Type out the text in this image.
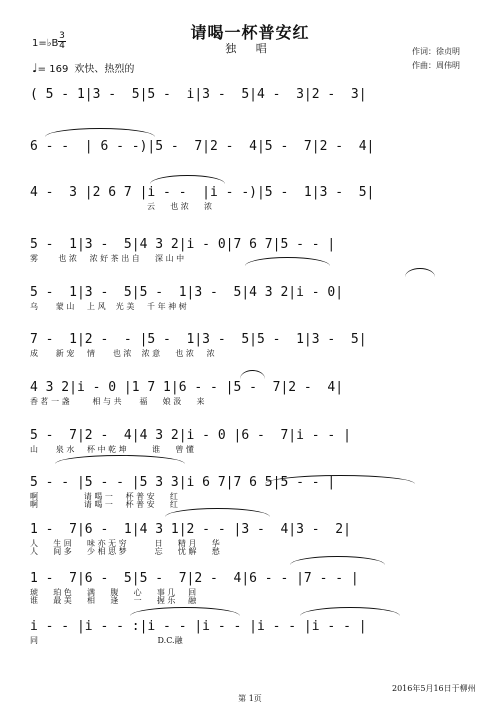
请喝一杯普安红
独 唱	作词：徐贞明
作曲：周伟明
1=♭B
3
4
♩= 169 欢快、热烈的
( 5 - 1|3 -  5|5 -  i|3 -  5|4 -  3|2 -  3|
6 - -  | 6 - -)|5 -  7|2 -  4|5 -  7|2 -  4|
4 -  3 |2 6 7 |i - -  |i - -)|5 -  1|3 -  5|
云      也 浓      浓
5 -  1|3 -  5|4 3 2|i - 0|7 6 7|5 - - |
雾        也 浓     浓 好 茶 出 自      深 山 中
5 -  1|3 -  5|5 -  1|3 -  5|4 3 2|i - 0|
乌       蒙 山     上 风    光 美     千 年 神 树
7 -  1|2 -  - |5 -  1|3 -  5|5 -  1|3 -  5|
成       新 宠     情       也 浓    浓 意      也 浓     浓
4 3 2|i - 0 |1 7 1|6 - - |5 -  7|2 -  4|
香 茗 一 盏         相 与 共       福      娘 汲      来
5 -  7|2 -  4|4 3 2|i - 0 |6 -  7|i - - |
山       泉 水     杯 中 乾 坤          谁      曾 懂
5 - - |5 - - |5 3 3|i 6 7|7 6 5|5 - - |
啊                  请 喝 一     杯 普 安      红
啊                  请 喝 一     杯 普 安      红
1 -  7|6 -  1|4 3 1|2 - - |3 -  4|3 -  2|
人      生 回      味 亦 无 穷           日      精 月      华
人      间 多      少 相 思 梦           忘      忧 解      愁
1 -  7|6 -  5|5 -  7|2 -  4|6 - - |7 - - |
琥      珀 色      满      腹      心      事 几     回
谁      最 美      相      逢      一      握 乐     融
i - - |i - - :|i - - |i - - |i - - |i - - |
同                                               D.C.融
2016年5月16日于柳州
第 1页
